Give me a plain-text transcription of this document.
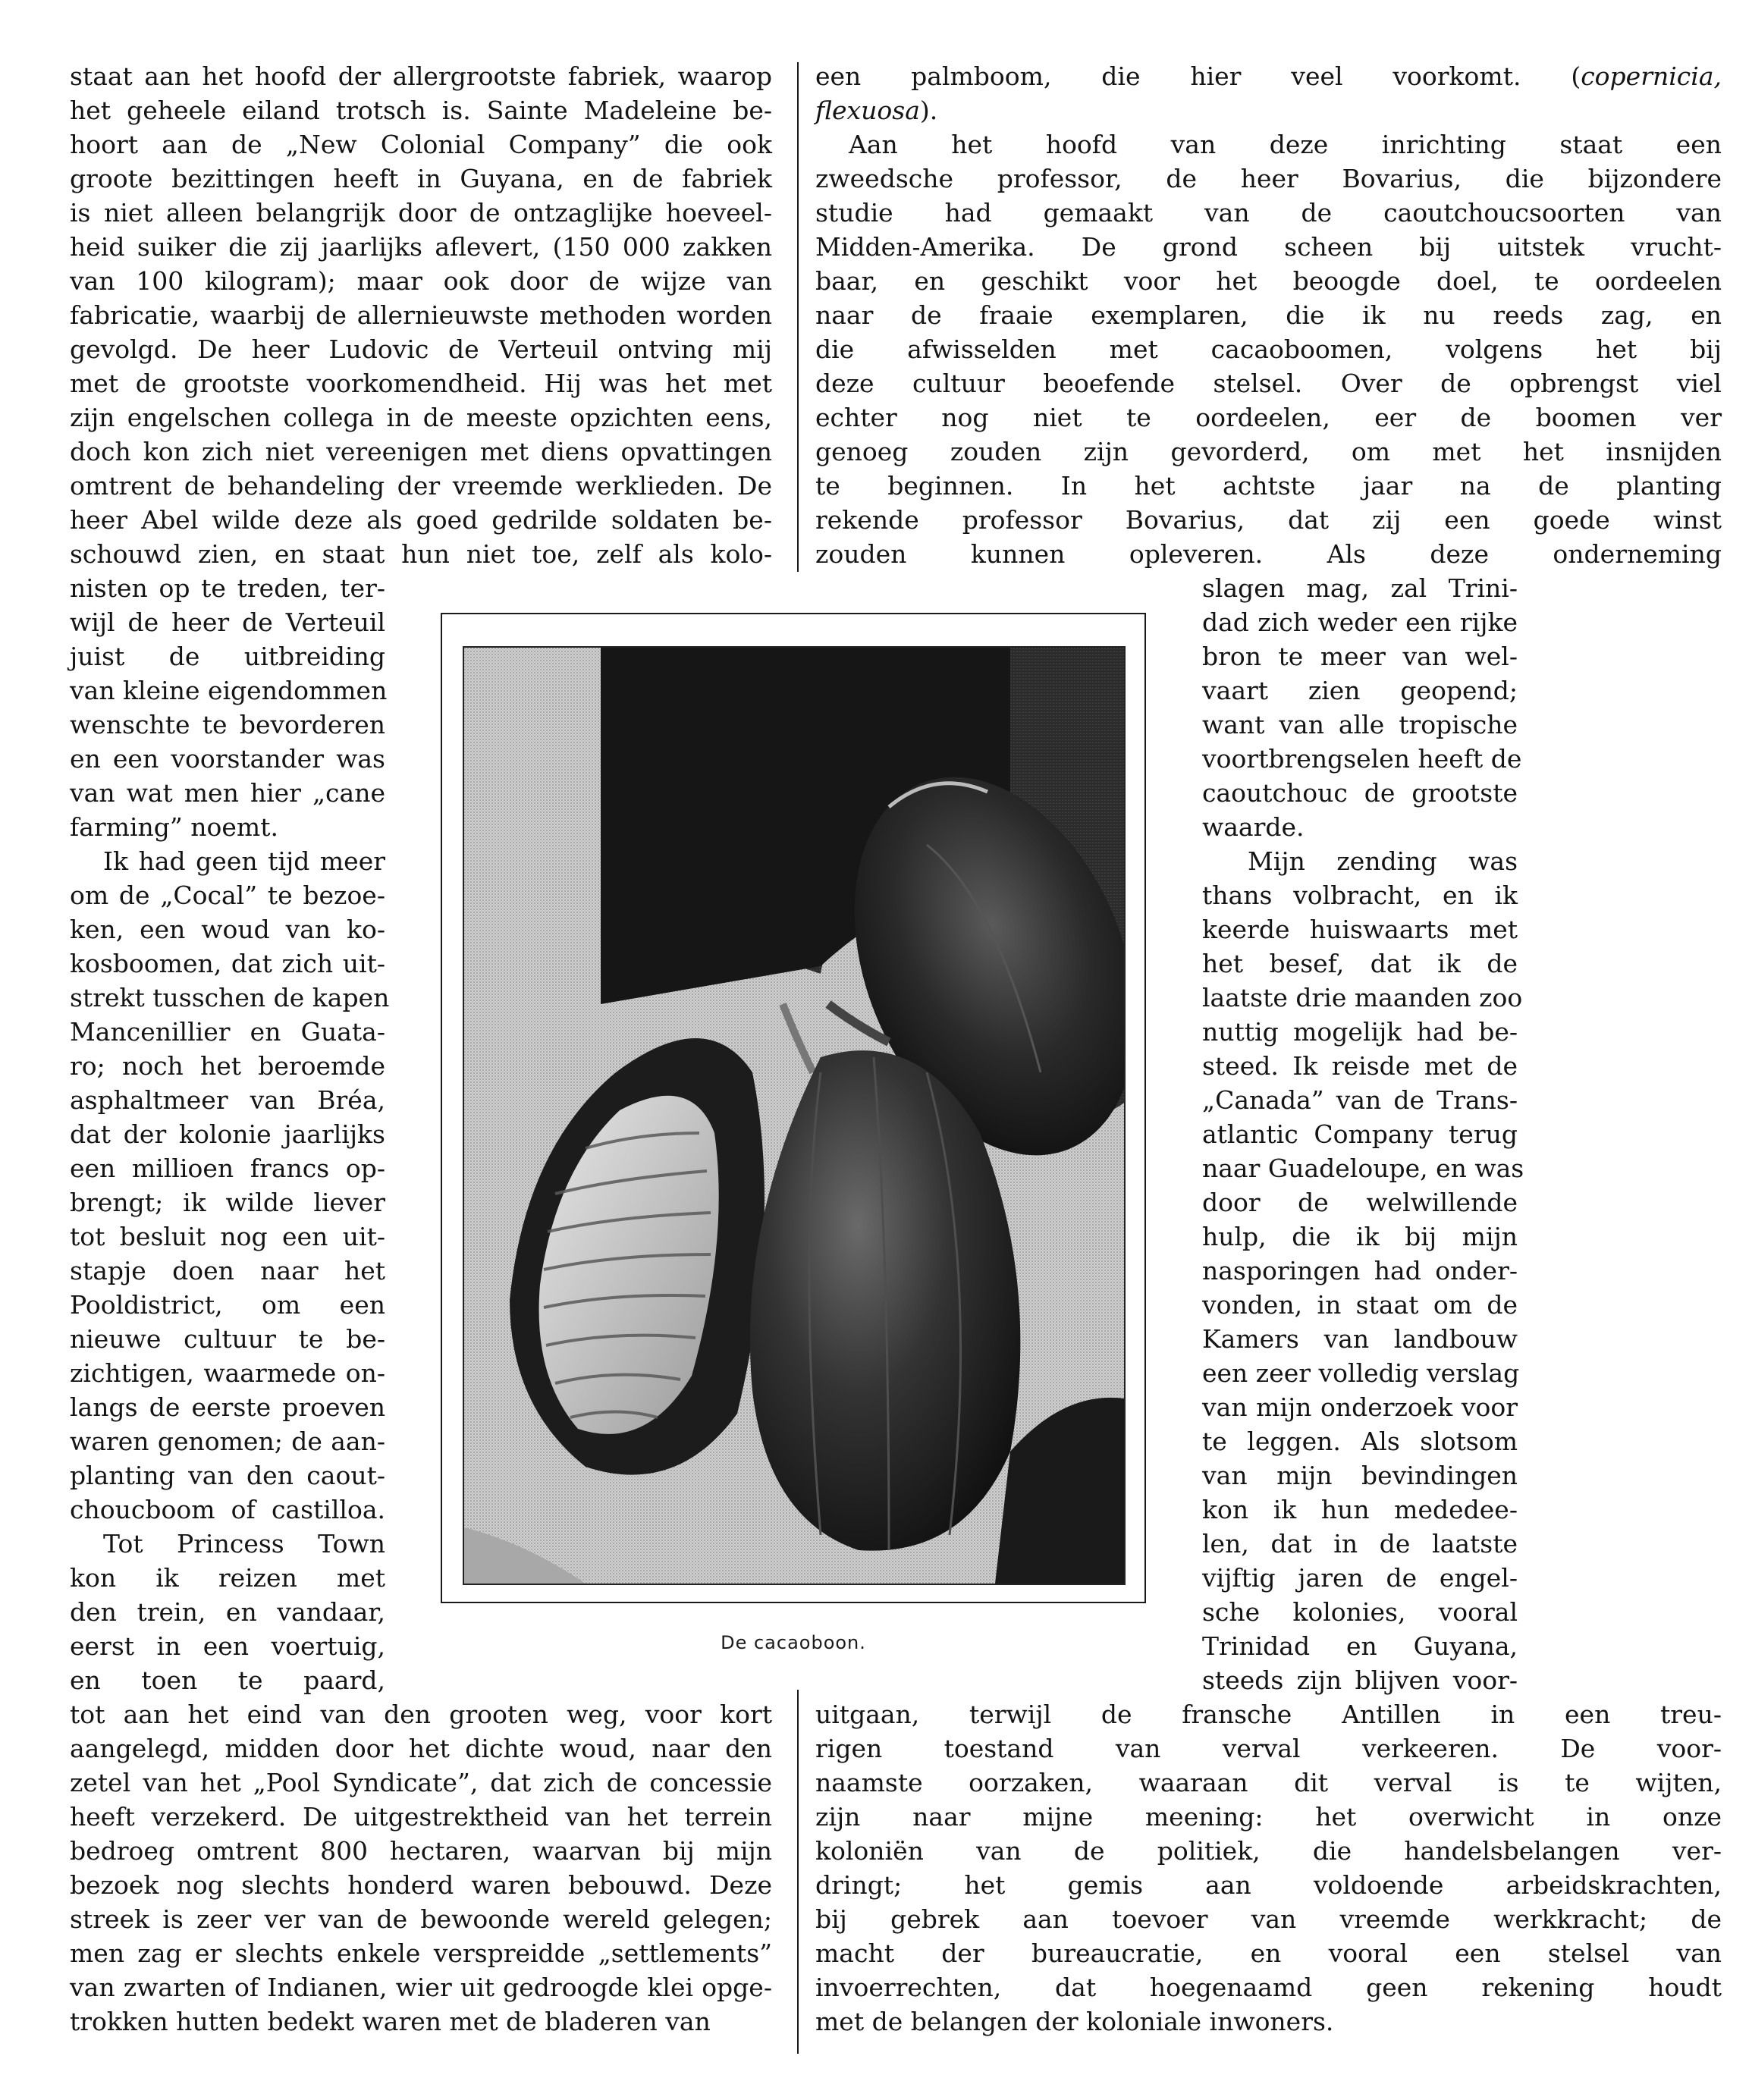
staat aan het hoofd der allergrootste fabriek, waarop
het geheele eiland trotsch is. Sainte Madeleine be-
hoort aan de „New Colonial Company” die ook
groote bezittingen heeft in Guyana, en de fabriek
is niet alleen belangrijk door de ontzaglijke hoeveel-
heid suiker die zij jaarlijks aflevert, (150 000 zakken
van 100 kilogram); maar ook door de wijze van
fabricatie, waarbij de allernieuwste methoden worden
gevolgd. De heer Ludovic de Verteuil ontving mij
met de grootste voorkomendheid. Hij was het met
zijn engelschen collega in de meeste opzichten eens,
doch kon zich niet vereenigen met diens opvattingen
omtrent de behandeling der vreemde werklieden. De
heer Abel wilde deze als goed gedrilde soldaten be-
schouwd zien, en staat hun niet toe, zelf als kolo-
nisten op te treden, ter-
wijl de heer de Verteuil
juist de uitbreiding
van kleine eigendommen
wenschte te bevorderen
en een voorstander was
van wat men hier „cane
farming” noemt.
Ik had geen tijd meer
om de „Cocal” te bezoe-
ken, een woud van ko-
kosboomen, dat zich uit-
strekt tusschen de kapen
Mancenillier en Guata-
ro; noch het beroemde
asphaltmeer van Bréa,
dat der kolonie jaarlijks
een millioen francs op-
brengt; ik wilde liever
tot besluit nog een uit-
stapje doen naar het
Pooldistrict, om een
nieuwe cultuur te be-
zichtigen, waarmede on-
langs de eerste proeven
waren genomen; de aan-
planting van den caout-
choucboom of castilloa.
Tot Princess Town
kon ik reizen met
den trein, en vandaar,
eerst in een voertuig,
en toen te paard,
tot aan het eind van den grooten weg, voor kort
aangelegd, midden door het dichte woud, naar den
zetel van het „Pool Syndicate”, dat zich de concessie
heeft verzekerd. De uitgestrektheid van het terrein
bedroeg omtrent 800 hectaren, waarvan bij mijn
bezoek nog slechts honderd waren bebouwd. Deze
streek is zeer ver van de bewoonde wereld gelegen;
men zag er slechts enkele verspreidde „settlements”
van zwarten of Indianen, wier uit gedroogde klei opge-
trokken hutten bedekt waren met de bladeren van
een palmboom, die hier veel voorkomt. (copernicia,
flexuosa).
Aan het hoofd van deze inrichting staat een
zweedsche professor, de heer Bovarius, die bijzondere
studie had gemaakt van de caoutchoucsoorten van
Midden-Amerika. De grond scheen bij uitstek vrucht-
baar, en geschikt voor het beoogde doel, te oordeelen
naar de fraaie exemplaren, die ik nu reeds zag, en
die afwisselden met cacaoboomen, volgens het bij
deze cultuur beoefende stelsel. Over de opbrengst viel
echter nog niet te oordeelen, eer de boomen ver
genoeg zouden zijn gevorderd, om met het insnijden
te beginnen. In het achtste jaar na de planting
rekende professor Bovarius, dat zij een goede winst
zouden kunnen opleveren. Als deze onderneming
slagen mag, zal Trini-
dad zich weder een rijke
bron te meer van wel-
vaart zien geopend;
want van alle tropische
voortbrengselen heeft de
caoutchouc de grootste
waarde.
Mijn zending was
thans volbracht, en ik
keerde huiswaarts met
het besef, dat ik de
laatste drie maanden zoo
nuttig mogelijk had be-
steed. Ik reisde met de
„Canada” van de Trans-
atlantic Company terug
naar Guadeloupe, en was
door de welwillende
hulp, die ik bij mijn
nasporingen had onder-
vonden, in staat om de
Kamers van landbouw
een zeer volledig verslag
van mijn onderzoek voor
te leggen. Als slotsom
van mijn bevindingen
kon ik hun mededee-
len, dat in de laatste
vijftig jaren de engel-
sche kolonies, vooral
Trinidad en Guyana,
steeds zijn blijven voor-
uitgaan, terwijl de fransche Antillen in een treu-
rigen toestand van verval verkeeren. De voor-
naamste oorzaken, waaraan dit verval is te wijten,
zijn naar mijne meening: het overwicht in onze
koloniën van de politiek, die handelsbelangen ver-
dringt; het gemis aan voldoende arbeidskrachten,
bij gebrek aan toevoer van vreemde werkkracht; de
macht der bureaucratie, en vooral een stelsel van
invoerrechten, dat hoegenaamd geen rekening houdt
met de belangen der koloniale inwoners.
De cacaoboon.
